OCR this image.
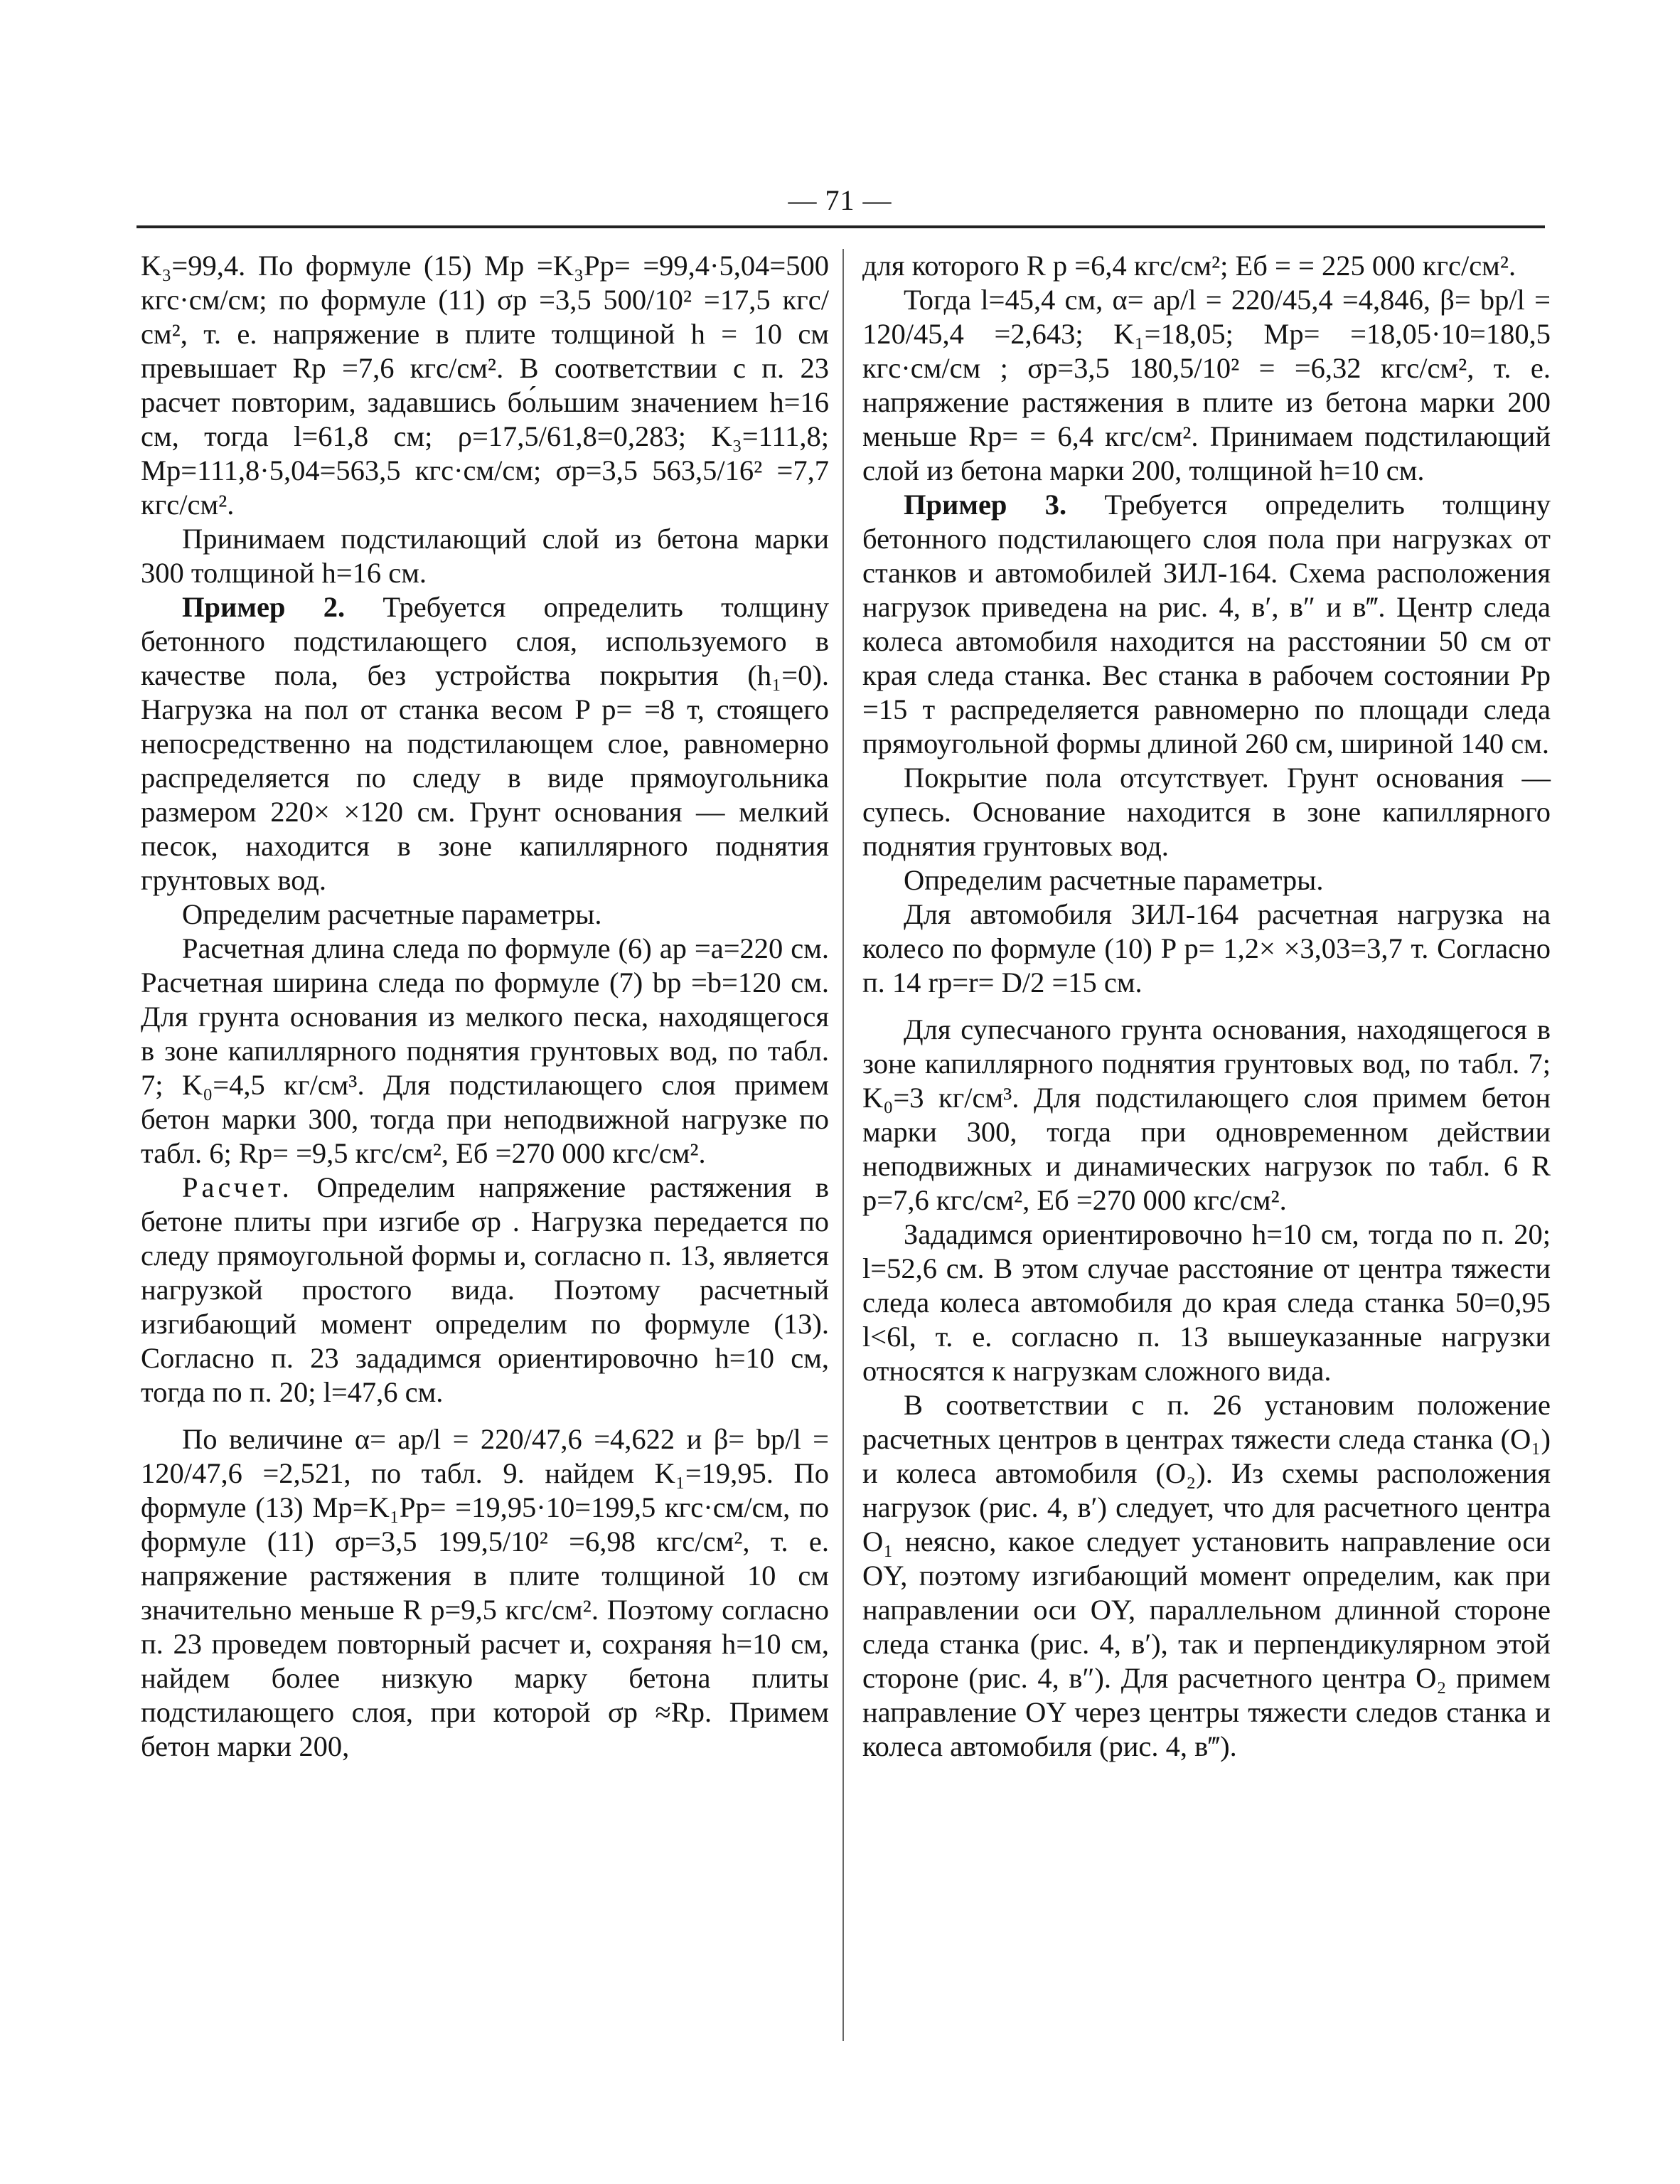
— 71 —

K₃=99,4. По формуле (15) Mр =K₃Pр= =99,4·5,04=500 кгс·см/см; по формуле (11) σр =3,5 500/10² =17,5 кгс/см², т. е. напряжение в плите толщиной h = 10 см превышает Rр =7,6 кгс/см². В соответствии с п. 23 расчет повторим, задавшись бо́льшим значением h=16 см, тогда l=61,8 см; ρ=17,5/61,8=0,283; K₃=111,8; Mр=111,8·5,04=563,5 кгс·см/см; σр=3,5 563,5/16² =7,7 кгс/см².

Принимаем подстилающий слой из бетона марки 300 толщиной h=16 см.

Пример 2. Требуется определить толщину бетонного подстилающего слоя, используемого в качестве пола, без устройства покрытия (h₁=0). Нагрузка на пол от станка весом P р= =8 т, стоящего непосредственно на подстилающем слое, равномерно распределяется по следу в виде прямоугольника размером 220× ×120 см. Грунт основания — мелкий песок, находится в зоне капиллярного поднятия грунтовых вод.

Определим расчетные параметры.

Расчетная длина следа по формуле (6) aр =a=220 см. Расчетная ширина следа по формуле (7) bр =b=120 см. Для грунта основания из мелкого песка, находящегося в зоне капиллярного поднятия грунтовых вод, по табл. 7; K₀=4,5 кг/см³. Для подстилающего слоя примем бетон марки 300, тогда при неподвижной нагрузке по табл. 6; Rр= =9,5 кгс/см², Eб =270 000 кгс/см².

Расчет. Определим напряжение растяжения в бетоне плиты при изгибе σр . Нагрузка передается по следу прямоугольной формы и, согласно п. 13, является нагрузкой простого вида. Поэтому расчетный изгибающий момент определим по формуле (13). Согласно п. 23 зададимся ориентировочно h=10 см, тогда по п. 20; l=47,6 см.

По величине α= aр/l = 220/47,6 =4,622 и β= bр/l = 120/47,6 =2,521, по табл. 9. найдем K₁=19,95. По формуле (13) Mр=K₁Pр= =19,95·10=199,5 кгс·см/см, по формуле (11) σр=3,5 199,5/10² =6,98 кгс/см², т. е. напряжение растяжения в плите толщиной 10 см значительно меньше R р=9,5 кгс/см². Поэтому согласно п. 23 проведем повторный расчет и, сохраняя h=10 см, найдем более низкую марку бетона плиты подстилающего слоя, при которой σр ≈Rр. Примем бетон марки 200,

для которого R р =6,4 кгс/см²; Eб = = 225 000 кгс/см².

Тогда l=45,4 см, α= aр/l = 220/45,4 =4,846, β= bр/l = 120/45,4 =2,643; K₁=18,05; Mр= =18,05·10=180,5 кгс·см/см ; σр=3,5 180,5/10² = =6,32 кгс/см², т. е. напряжение растяжения в плите из бетона марки 200 меньше Rр= = 6,4 кгс/см². Принимаем подстилающий слой из бетона марки 200, толщиной h=10 см.

Пример 3. Требуется определить толщину бетонного подстилающего слоя пола при нагрузках от станков и автомобилей ЗИЛ-164. Схема расположения нагрузок приведена на рис. 4, в′, в″ и в‴. Центр следа колеса автомобиля находится на расстоянии 50 см от края следа станка. Вес станка в рабочем состоянии Pр =15 т распределяется равномерно по площади следа прямоугольной формы длиной 260 см, шириной 140 см.

Покрытие пола отсутствует. Грунт основания — супесь. Основание находится в зоне капиллярного поднятия грунтовых вод.

Определим расчетные параметры.

Для автомобиля ЗИЛ-164 расчетная нагрузка на колесо по формуле (10) P р= 1,2× ×3,03=3,7 т. Согласно п. 14 rр=r= D/2 =15 см.

Для супесчаного грунта основания, находящегося в зоне капиллярного поднятия грунтовых вод, по табл. 7; K₀=3 кг/см³. Для подстилающего слоя примем бетон марки 300, тогда при одновременном действии неподвижных и динамических нагрузок по табл. 6 R р=7,6 кгс/см², Eб =270 000 кгс/см².

Зададимся ориентировочно h=10 см, тогда по п. 20; l=52,6 см. В этом случае расстояние от центра тяжести следа колеса автомобиля до края следа станка 50=0,95 l<6l, т. е. согласно п. 13 вышеуказанные нагрузки относятся к нагрузкам сложного вида.

В соответствии с п. 26 установим положение расчетных центров в центрах тяжести следа станка (O₁) и колеса автомобиля (O₂). Из схемы расположения нагрузок (рис. 4, в′) следует, что для расчетного центра O₁ неясно, какое следует установить направление оси OY, поэтому изгибающий момент определим, как при направлении оси OY, параллельном длинной стороне следа станка (рис. 4, в′), так и перпендикулярном этой стороне (рис. 4, в″). Для расчетного центра O₂ примем направление OY через центры тяжести следов станка и колеса автомобиля (рис. 4, в‴).
